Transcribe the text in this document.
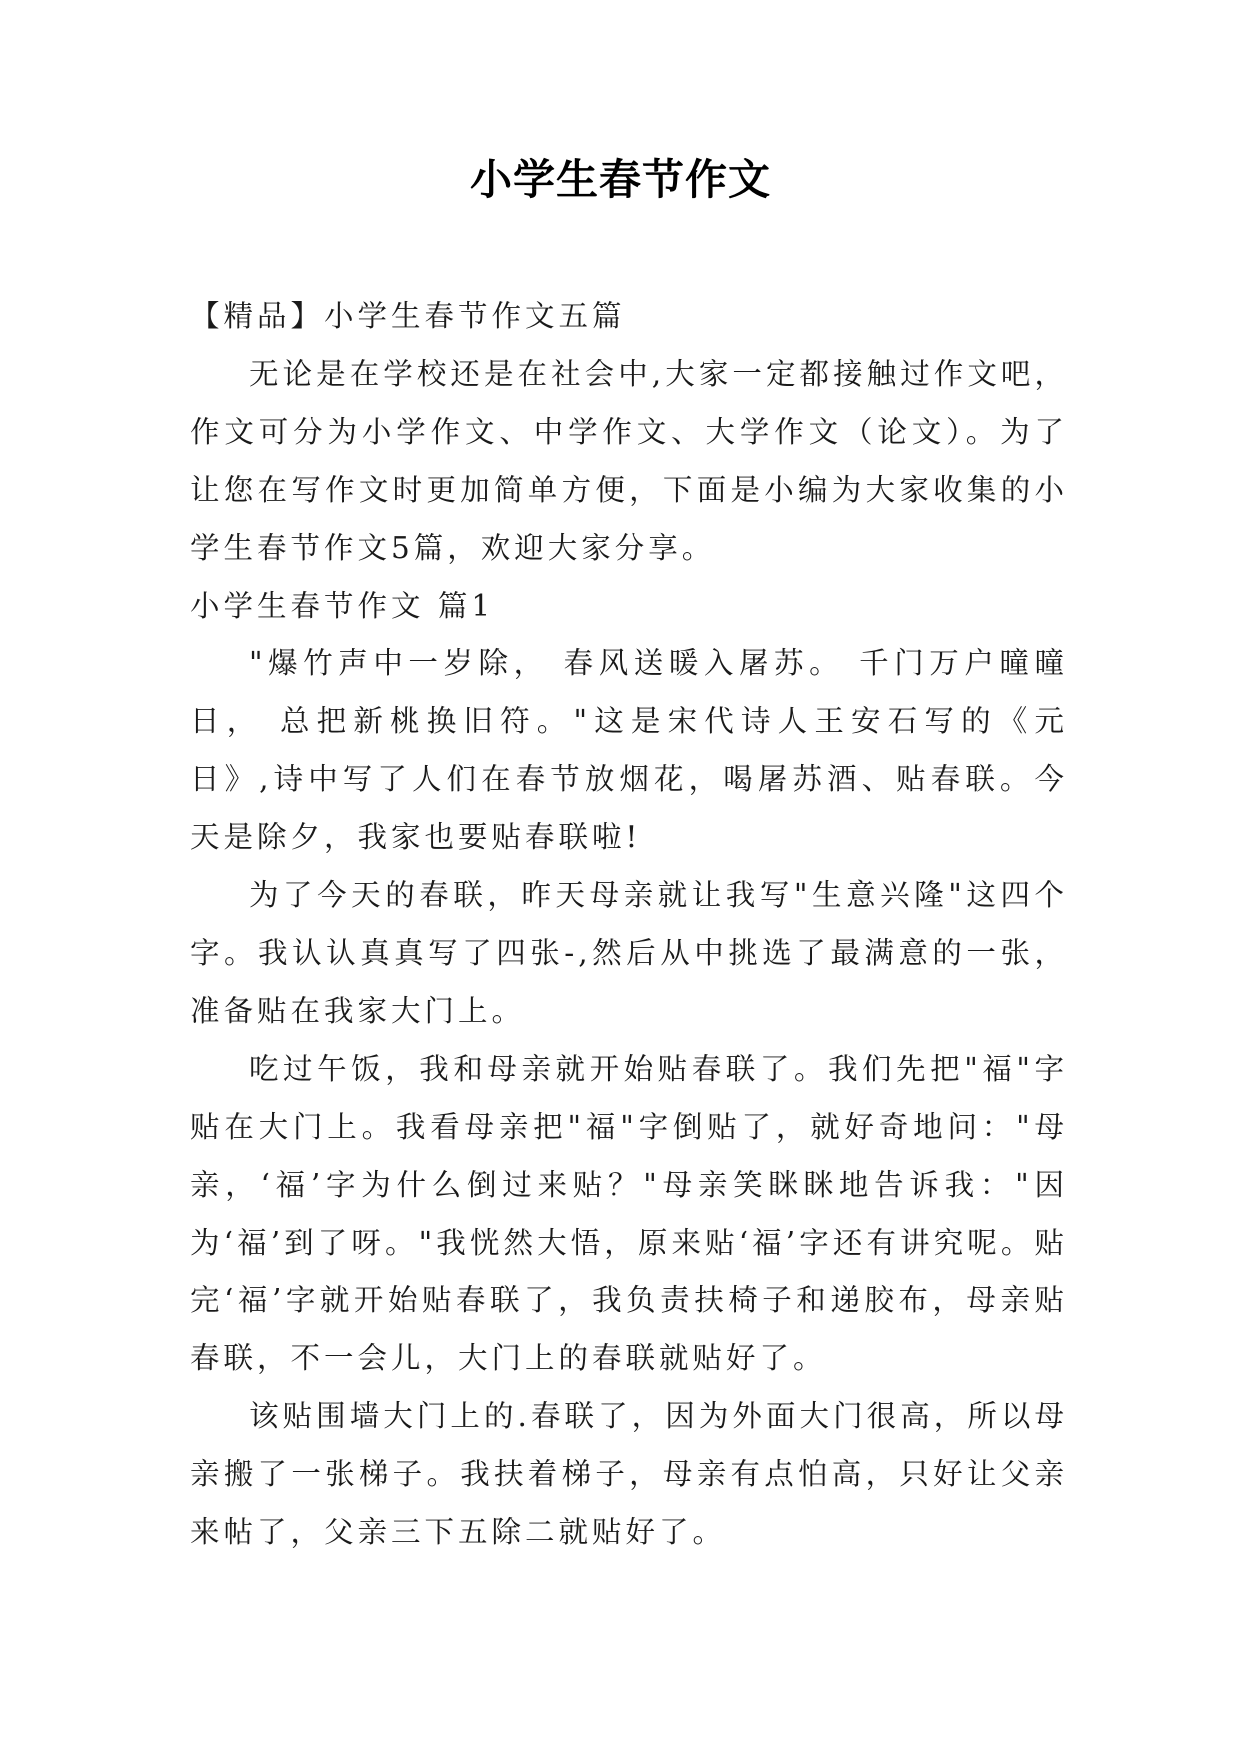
小学生春节作文

【精品】小学生春节作文五篇

无论是在学校还是在社会中,大家一定都接触过作文吧，作文可分为小学作文、中学作文、大学作文（论文）。为了让您在写作文时更加简单方便，下面是小编为大家收集的小学生春节作文5篇，欢迎大家分享。

小学生春节作文 篇1

"爆竹声中一岁除， 春风送暖入屠苏。 千门万户曈曈日， 总把新桃换旧符。"这是宋代诗人王安石写的《元日》,诗中写了人们在春节放烟花，喝屠苏酒、贴春联。今天是除夕，我家也要贴春联啦!

为了今天的春联，昨天母亲就让我写"生意兴隆"这四个字。我认认真真写了四张-,然后从中挑选了最满意的一张，准备贴在我家大门上。

吃过午饭，我和母亲就开始贴春联了。我们先把"福"字贴在大门上。我看母亲把"福"字倒贴了，就好奇地问："母亲，‘福’字为什么倒过来贴？"母亲笑眯眯地告诉我："因为‘福’到了呀。"我恍然大悟，原来贴‘福’字还有讲究呢。贴完‘福’字就开始贴春联了，我负责扶椅子和递胶布，母亲贴春联，不一会儿，大门上的春联就贴好了。

该贴围墙大门上的.春联了，因为外面大门很高，所以母亲搬了一张梯子。我扶着梯子，母亲有点怕高，只好让父亲来帖了，父亲三下五除二就贴好了。
